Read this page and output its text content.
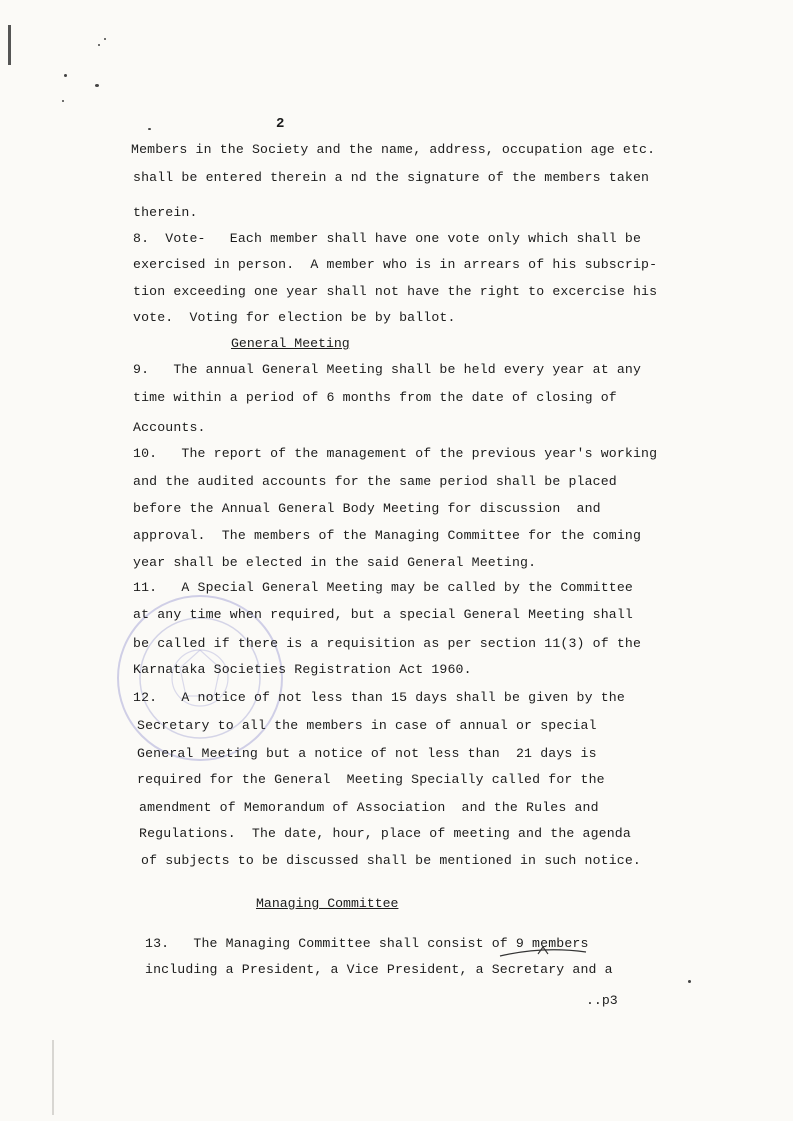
2
Members in the Society and the name, address, occupation age etc.
shall be entered therein a nd the signature of the members taken
therein.
8.  Vote-   Each member shall have one vote only which shall be
exercised in person.  A member who is in arrears of his subscrip-
tion exceeding one year shall not have the right to excercise his
vote.  Voting for election be by ballot.
General Meeting
9.   The annual General Meeting shall be held every year at any
time within a period of 6 months from the date of closing of
Accounts.
10.   The report of the management of the previous year's working
and the audited accounts for the same period shall be placed
before the Annual General Body Meeting for discussion  and
approval.  The members of the Managing Committee for the coming
year shall be elected in the said General Meeting.
11.   A Special General Meeting may be called by the Committee
at any time when required, but a special General Meeting shall
be called if there is a requisition as per section 11(3) of the
Karnataka Societies Registration Act 1960.
12.   A notice of not less than 15 days shall be given by the
Secretary to all the members in case of annual or special
General Meeting but a notice of not less than  21 days is
required for the General  Meeting Specially called for the
amendment of Memorandum of Association  and the Rules and
Regulations.  The date, hour, place of meeting and the agenda
of subjects to be discussed shall be mentioned in such notice.
Managing Committee
13.   The Managing Committee shall consist of 9 members
including a President, a Vice President, a Secretary and a
..p3
